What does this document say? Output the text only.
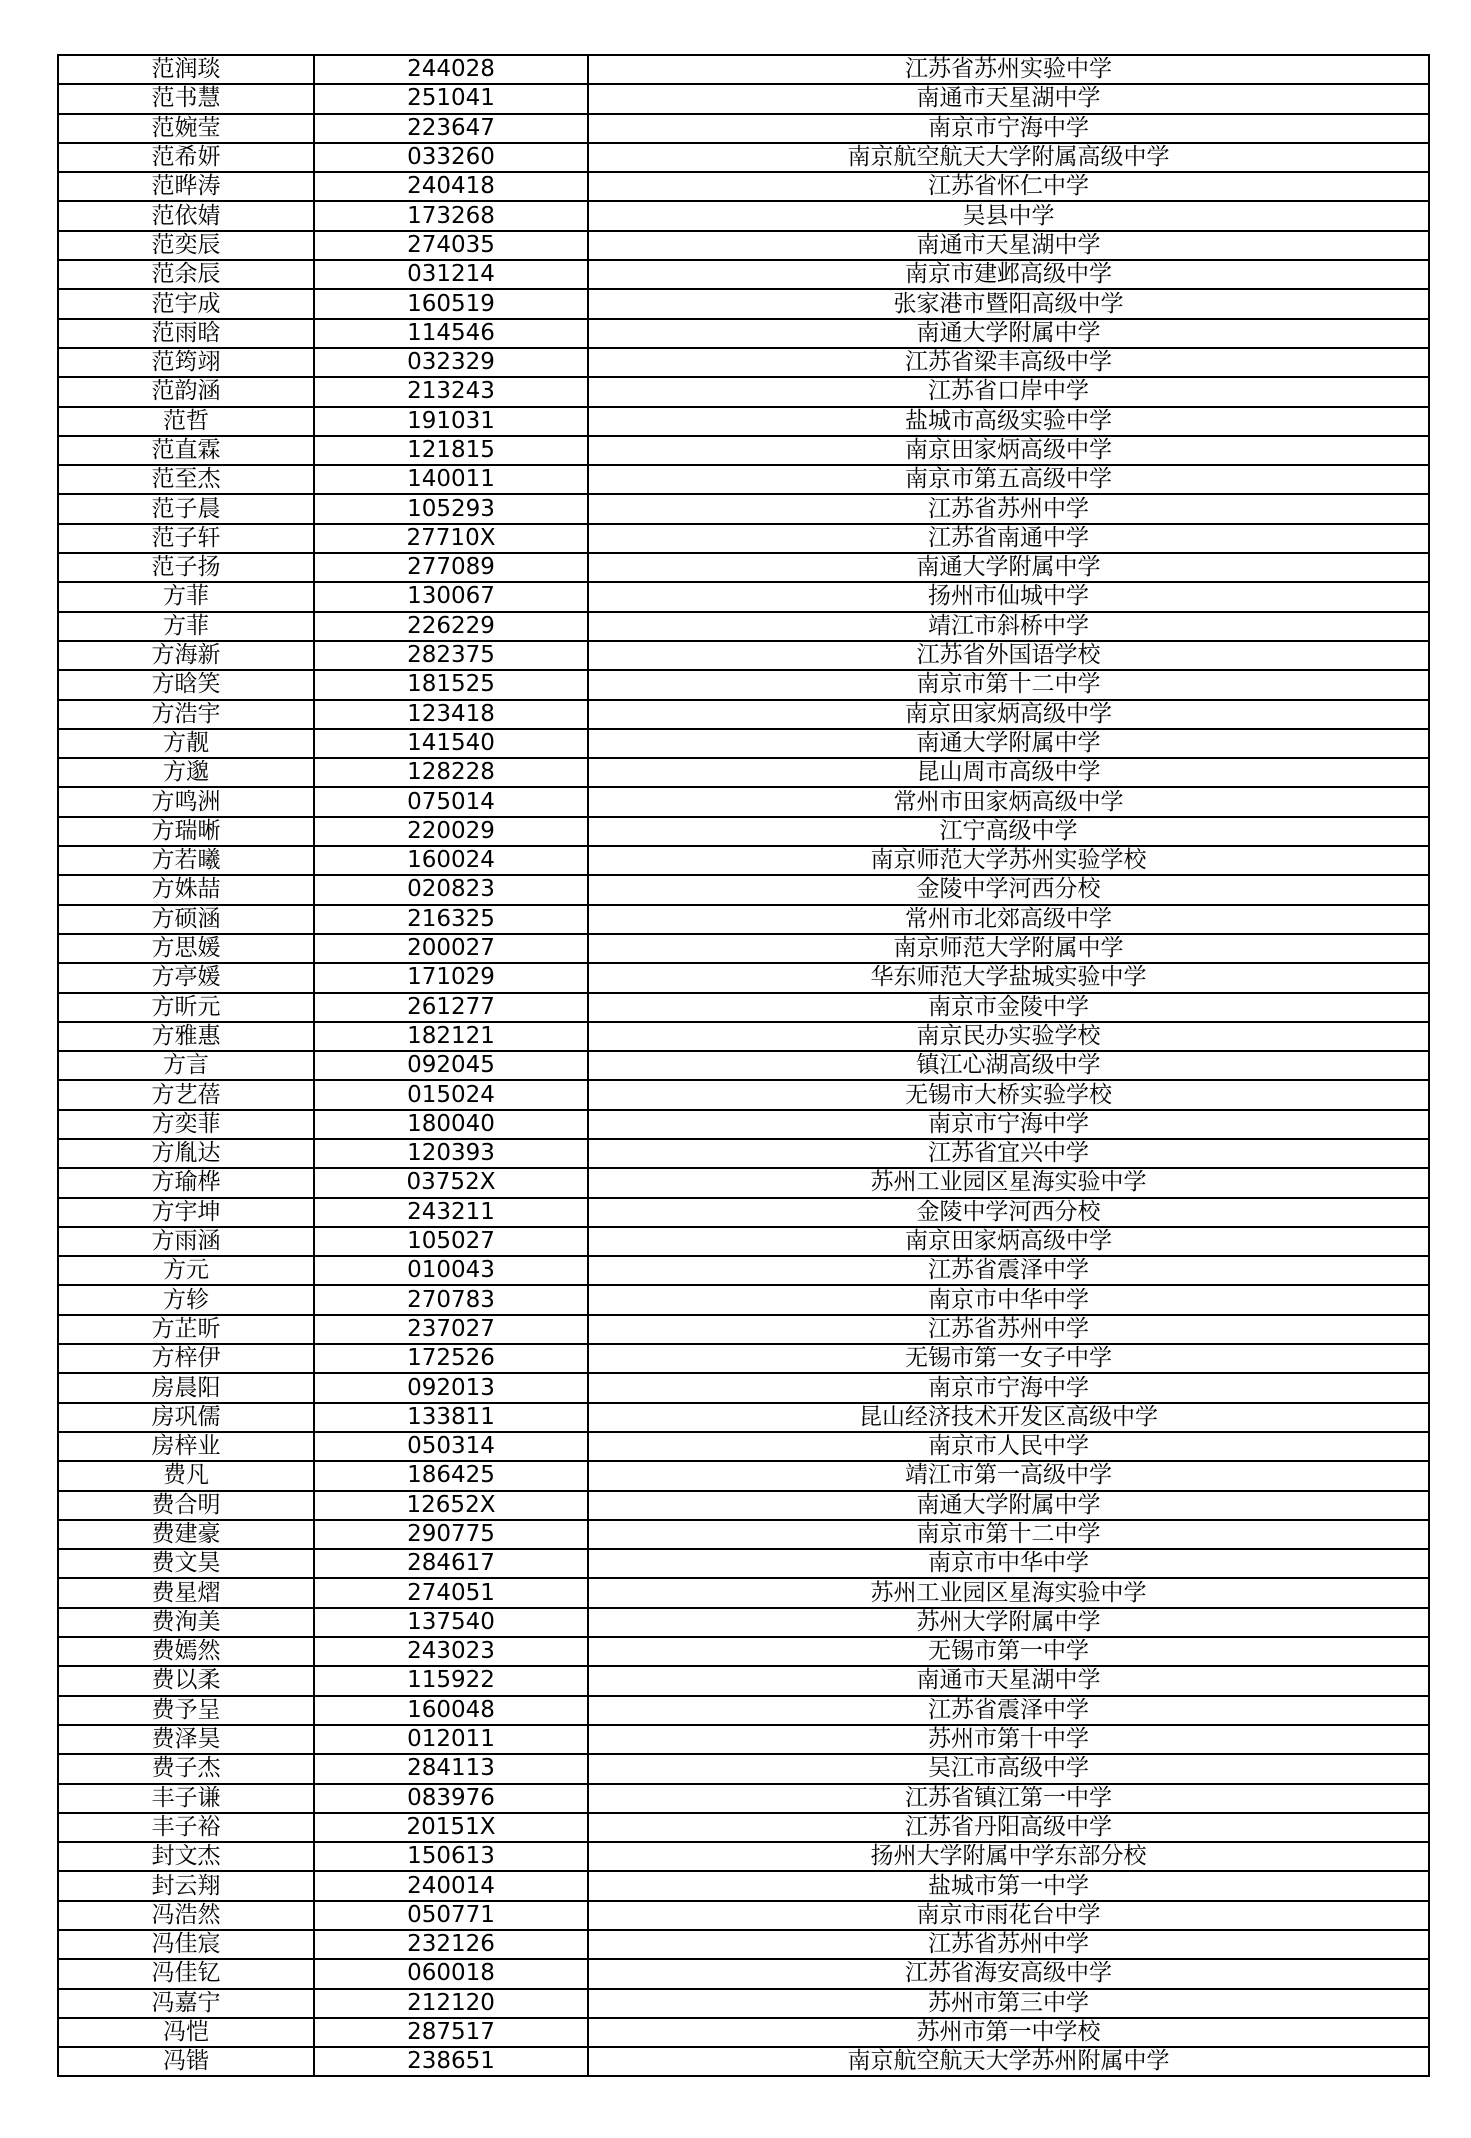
范润琰	244028	江苏省苏州实验中学
范书慧	251041	南通市天星湖中学
范婉莹	223647	南京市宁海中学
范希妍	033260	南京航空航天大学附属高级中学
范晔涛	240418	江苏省怀仁中学
范依婧	173268	吴县中学
范奕辰	274035	南通市天星湖中学
范余辰	031214	南京市建邺高级中学
范宇成	160519	张家港市暨阳高级中学
范雨晗	114546	南通大学附属中学
范筠翊	032329	江苏省梁丰高级中学
范韵涵	213243	江苏省口岸中学
范哲	191031	盐城市高级实验中学
范直霖	121815	南京田家炳高级中学
范至杰	140011	南京市第五高级中学
范子晨	105293	江苏省苏州中学
范子轩	27710X	江苏省南通中学
范子扬	277089	南通大学附属中学
方菲	130067	扬州市仙城中学
方菲	226229	靖江市斜桥中学
方海新	282375	江苏省外国语学校
方晗笑	181525	南京市第十二中学
方浩宇	123418	南京田家炳高级中学
方靓	141540	南通大学附属中学
方邈	128228	昆山周市高级中学
方鸣洲	075014	常州市田家炳高级中学
方瑞晰	220029	江宁高级中学
方若曦	160024	南京师范大学苏州实验学校
方姝喆	020823	金陵中学河西分校
方硕涵	216325	常州市北郊高级中学
方思媛	200027	南京师范大学附属中学
方亭媛	171029	华东师范大学盐城实验中学
方昕元	261277	南京市金陵中学
方雅惠	182121	南京民办实验学校
方言	092045	镇江心湖高级中学
方艺蓓	015024	无锡市大桥实验学校
方奕菲	180040	南京市宁海中学
方胤达	120393	江苏省宜兴中学
方瑜桦	03752X	苏州工业园区星海实验中学
方宇坤	243211	金陵中学河西分校
方雨涵	105027	南京田家炳高级中学
方元	010043	江苏省震泽中学
方轸	270783	南京市中华中学
方芷昕	237027	江苏省苏州中学
方梓伊	172526	无锡市第一女子中学
房晨阳	092013	南京市宁海中学
房巩儒	133811	昆山经济技术开发区高级中学
房梓业	050314	南京市人民中学
费凡	186425	靖江市第一高级中学
费合明	12652X	南通大学附属中学
费建豪	290775	南京市第十二中学
费文昊	284617	南京市中华中学
费星熠	274051	苏州工业园区星海实验中学
费洵美	137540	苏州大学附属中学
费嫣然	243023	无锡市第一中学
费以柔	115922	南通市天星湖中学
费予呈	160048	江苏省震泽中学
费泽昊	012011	苏州市第十中学
费子杰	284113	吴江市高级中学
丰子谦	083976	江苏省镇江第一中学
丰子裕	20151X	江苏省丹阳高级中学
封文杰	150613	扬州大学附属中学东部分校
封云翔	240014	盐城市第一中学
冯浩然	050771	南京市雨花台中学
冯佳宸	232126	江苏省苏州中学
冯佳钇	060018	江苏省海安高级中学
冯嘉宁	212120	苏州市第三中学
冯恺	287517	苏州市第一中学校
冯锴	238651	南京航空航天大学苏州附属中学
